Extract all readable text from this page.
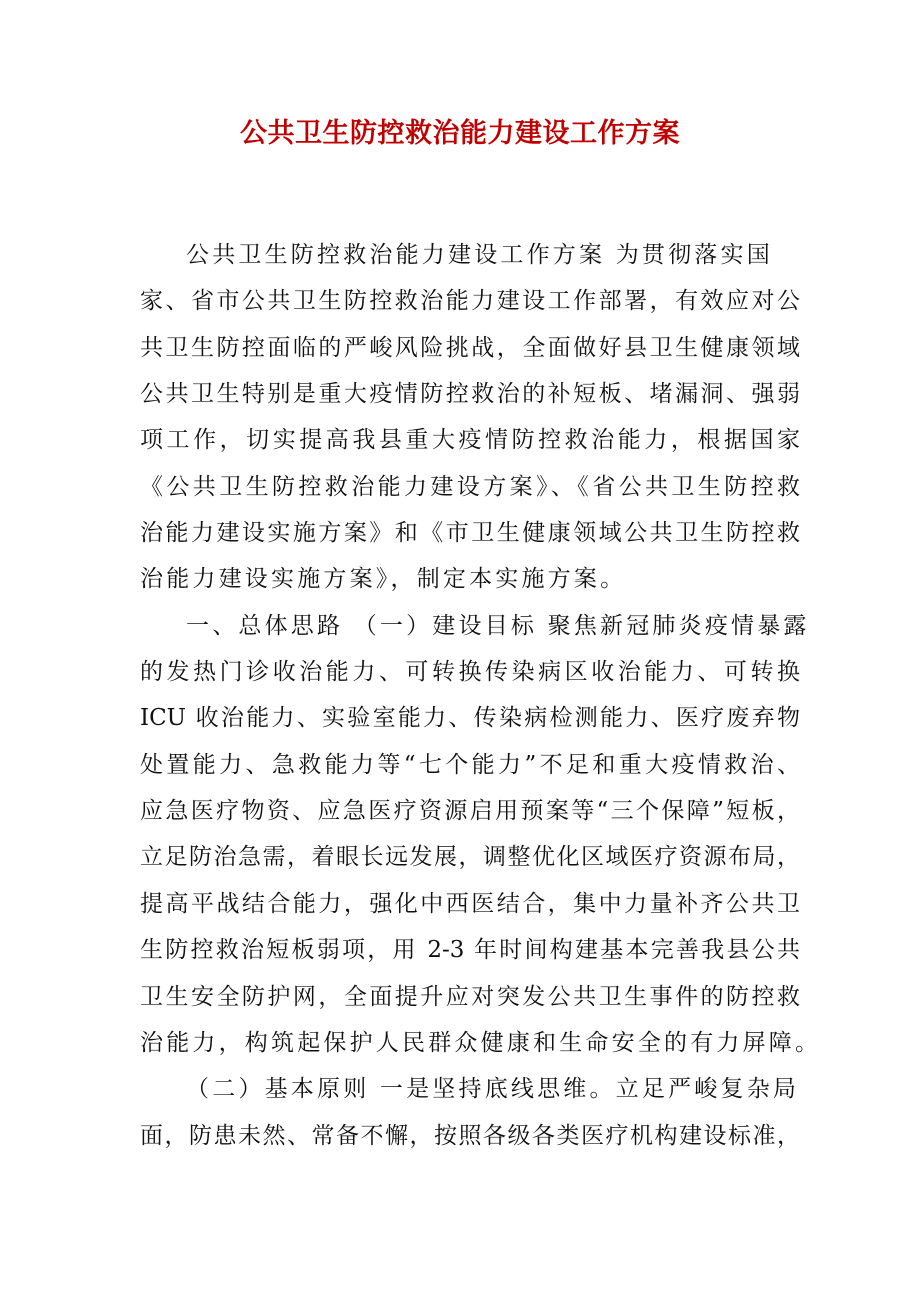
公共卫生防控救治能力建设工作方案
公共卫生防控救治能力建设工作方案 为贯彻落实国
家、省市公共卫生防控救治能力建设工作部署，有效应对公
共卫生防控面临的严峻风险挑战，全面做好县卫生健康领域
公共卫生特别是重大疫情防控救治的补短板、堵漏洞、强弱
项工作，切实提高我县重大疫情防控救治能力，根据国家
《公共卫生防控救治能力建设方案》、《省公共卫生防控救
治能力建设实施方案》和《市卫生健康领域公共卫生防控救
治能力建设实施方案》，制定本实施方案。
一、总体思路 （一）建设目标 聚焦新冠肺炎疫情暴露
的发热门诊收治能力、可转换传染病区收治能力、可转换
ICU 收治能力、实验室能力、传染病检测能力、医疗废弃物
处置能力、急救能力等“七个能力”不足和重大疫情救治、
应急医疗物资、应急医疗资源启用预案等“三个保障”短板，
立足防治急需，着眼长远发展，调整优化区域医疗资源布局，
提高平战结合能力，强化中西医结合，集中力量补齐公共卫
生防控救治短板弱项，用 2-3 年时间构建基本完善我县公共
卫生安全防护网，全面提升应对突发公共卫生事件的防控救
治能力，构筑起保护人民群众健康和生命安全的有力屏障。
（二）基本原则 一是坚持底线思维。立足严峻复杂局
面，防患未然、常备不懈，按照各级各类医疗机构建设标准，
